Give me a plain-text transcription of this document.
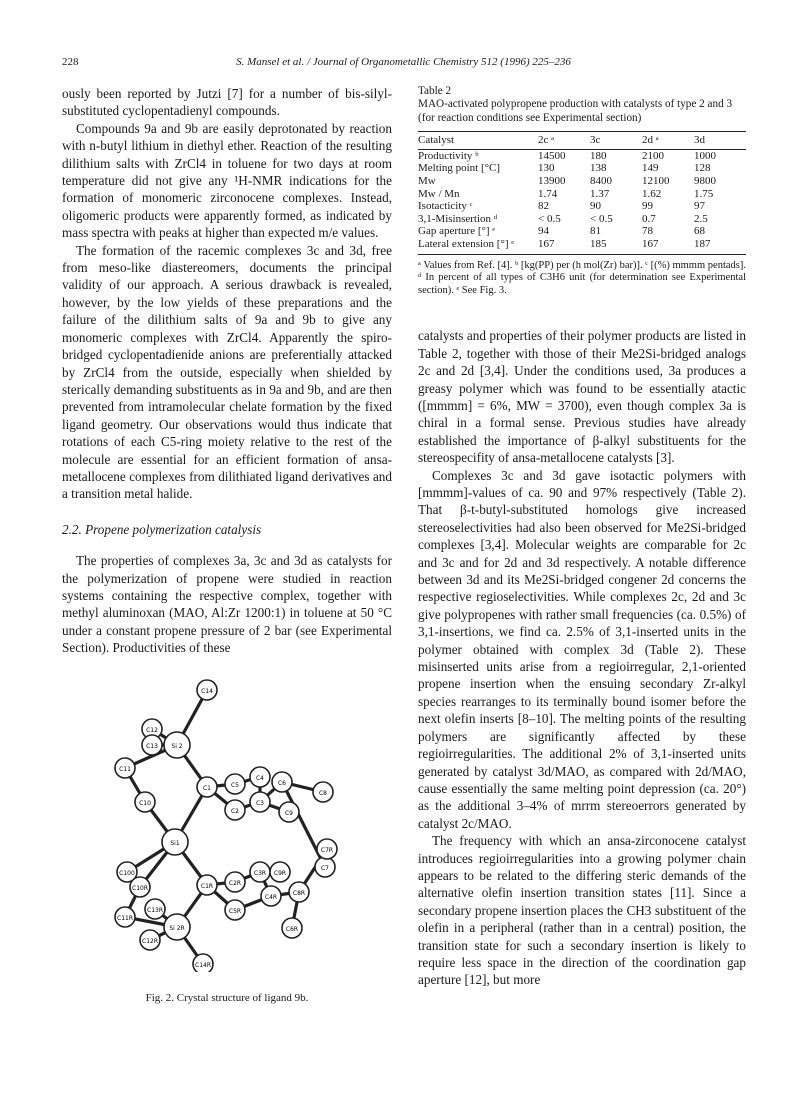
228	S. Mansel et al. / Journal of Organometallic Chemistry 512 (1996) 225–236

ously been reported by Jutzi [7] for a number of bis-silyl-substituted cyclopentadienyl compounds.

Compounds 9a and 9b are easily deprotonated by reaction with n-butyl lithium in diethyl ether. Reaction of the resulting dilithium salts with ZrCl4 in toluene for two days at room temperature did not give any ¹H-NMR indications for the formation of monomeric zirconocene complexes. Instead, oligomeric products were apparently formed, as indicated by mass spectra with peaks at higher than expected m/e values.

The formation of the racemic complexes 3c and 3d, free from meso-like diastereomers, documents the principal validity of our approach. A serious drawback is revealed, however, by the low yields of these preparations and the failure of the dilithium salts of 9a and 9b to give any monomeric complexes with ZrCl4. Apparently the spiro-bridged cyclopentadienide anions are preferentially attacked by ZrCl4 from the outside, especially when shielded by sterically demanding substituents as in 9a and 9b, and are then prevented from intramolecular chelate formation by the fixed ligand geometry. Our observations would thus indicate that rotations of each C5-ring moiety relative to the rest of the molecule are essential for an efficient formation of ansa-metallocene complexes from dilithiated ligand derivatives and a transition metal halide.

2.2. Propene polymerization catalysis

The properties of complexes 3a, 3c and 3d as catalysts for the polymerization of propene were studied in reaction systems containing the respective complex, together with methyl aluminoxan (MAO, Al:Zr 1200:1) in toluene at 50 °C under a constant propene pressure of 2 bar (see Experimental Section). Productivities of these

Table 2

MAO-activated polypropene production with catalysts of type 2 and 3 (for reaction conditions see Experimental section)

Catalyst	2c ᵃ	3c	2d ᵃ	3d
Productivity ᵇ	14500	180	2100	1000
Melting point [°C]	130	138	149	128
Mw	13900	8400	12100	9800
Mw / Mn	1.74	1.37	1.62	1.75
Isotacticity ᶜ	82	90	99	97
3,1-Misinsertion ᵈ	< 0.5	< 0.5	0.7	2.5
Gap aperture [°] ᵉ	94	81	78	68
Lateral extension [°] ᵉ	167	185	167	187

ᵃ Values from Ref. [4]. ᵇ [kg(PP) per (h mol(Zr) bar)]. ᶜ [(%) mmmm pentads]. ᵈ In percent of all types of C3H6 unit (for determination see Experimental section). ᵉ See Fig. 3.

catalysts and properties of their polymer products are listed in Table 2, together with those of their Me2Si-bridged analogs 2c and 2d [3,4]. Under the conditions used, 3a produces a greasy polymer which was found to be essentially atactic ([mmmm] = 6%, MW = 3700), even though complex 3a is chiral in a formal sense. Previous studies have already established the importance of β-alkyl substituents for the stereospecifity of ansa-metallocene catalysts [3].

Complexes 3c and 3d gave isotactic polymers with [mmmm]-values of ca. 90 and 97% respectively (Table 2). That β-t-butyl-substituted homologs give increased stereoselectivities had also been observed for Me2Si-bridged complexes [3,4]. Molecular weights are comparable for 2c and 3c and for 2d and 3d respectively. A notable difference between 3d and its Me2Si-bridged congener 2d concerns the respective regioselectivities. While complexes 2c, 2d and 3c give polypropenes with rather small frequencies (ca. 0.5%) of 3,1-insertions, we find ca. 2.5% of 3,1-inserted units in the polymer obtained with complex 3d (Table 2). These misinserted units arise from a regioirregular, 2,1-oriented propene insertion when the ensuing secondary Zr-alkyl species rearranges to its terminally bound isomer before the next olefin inserts [8–10]. The melting points of the resulting polymers are significantly affected by these regioirregularities. The additional 2% of 3,1-inserted units generated by catalyst 3d/MAO, as compared with 2d/MAO, cause essentially the same melting point depression (ca. 20°) as the additional 3–4% of mrrm stereoerrors generated by catalyst 2c/MAO.

The frequency with which an ansa-zirconocene catalyst introduces regioirregularities into a growing polymer chain appears to be related to the differing steric demands of the alternative olefin insertion transition states [11]. Since a secondary propene insertion places the CH3 substituent of the olefin in a peripheral (rather than in a central) position, the transition state for such a secondary insertion is likely to require less space in the direction of the coordination gap aperture [12], but more

C14
C12
C13 Si 2
C11
C10
C1
C2
C5
C4
C3
C8
C9
C6
C7
Si1
C100
C1R	C2R
C3R
C4R
C5R
C6R
C7R
C8R
C9R
C11R
C13R
Si 2R
C12R
C10R
C14R
Fig. 2. Crystal structure of ligand 9b.
